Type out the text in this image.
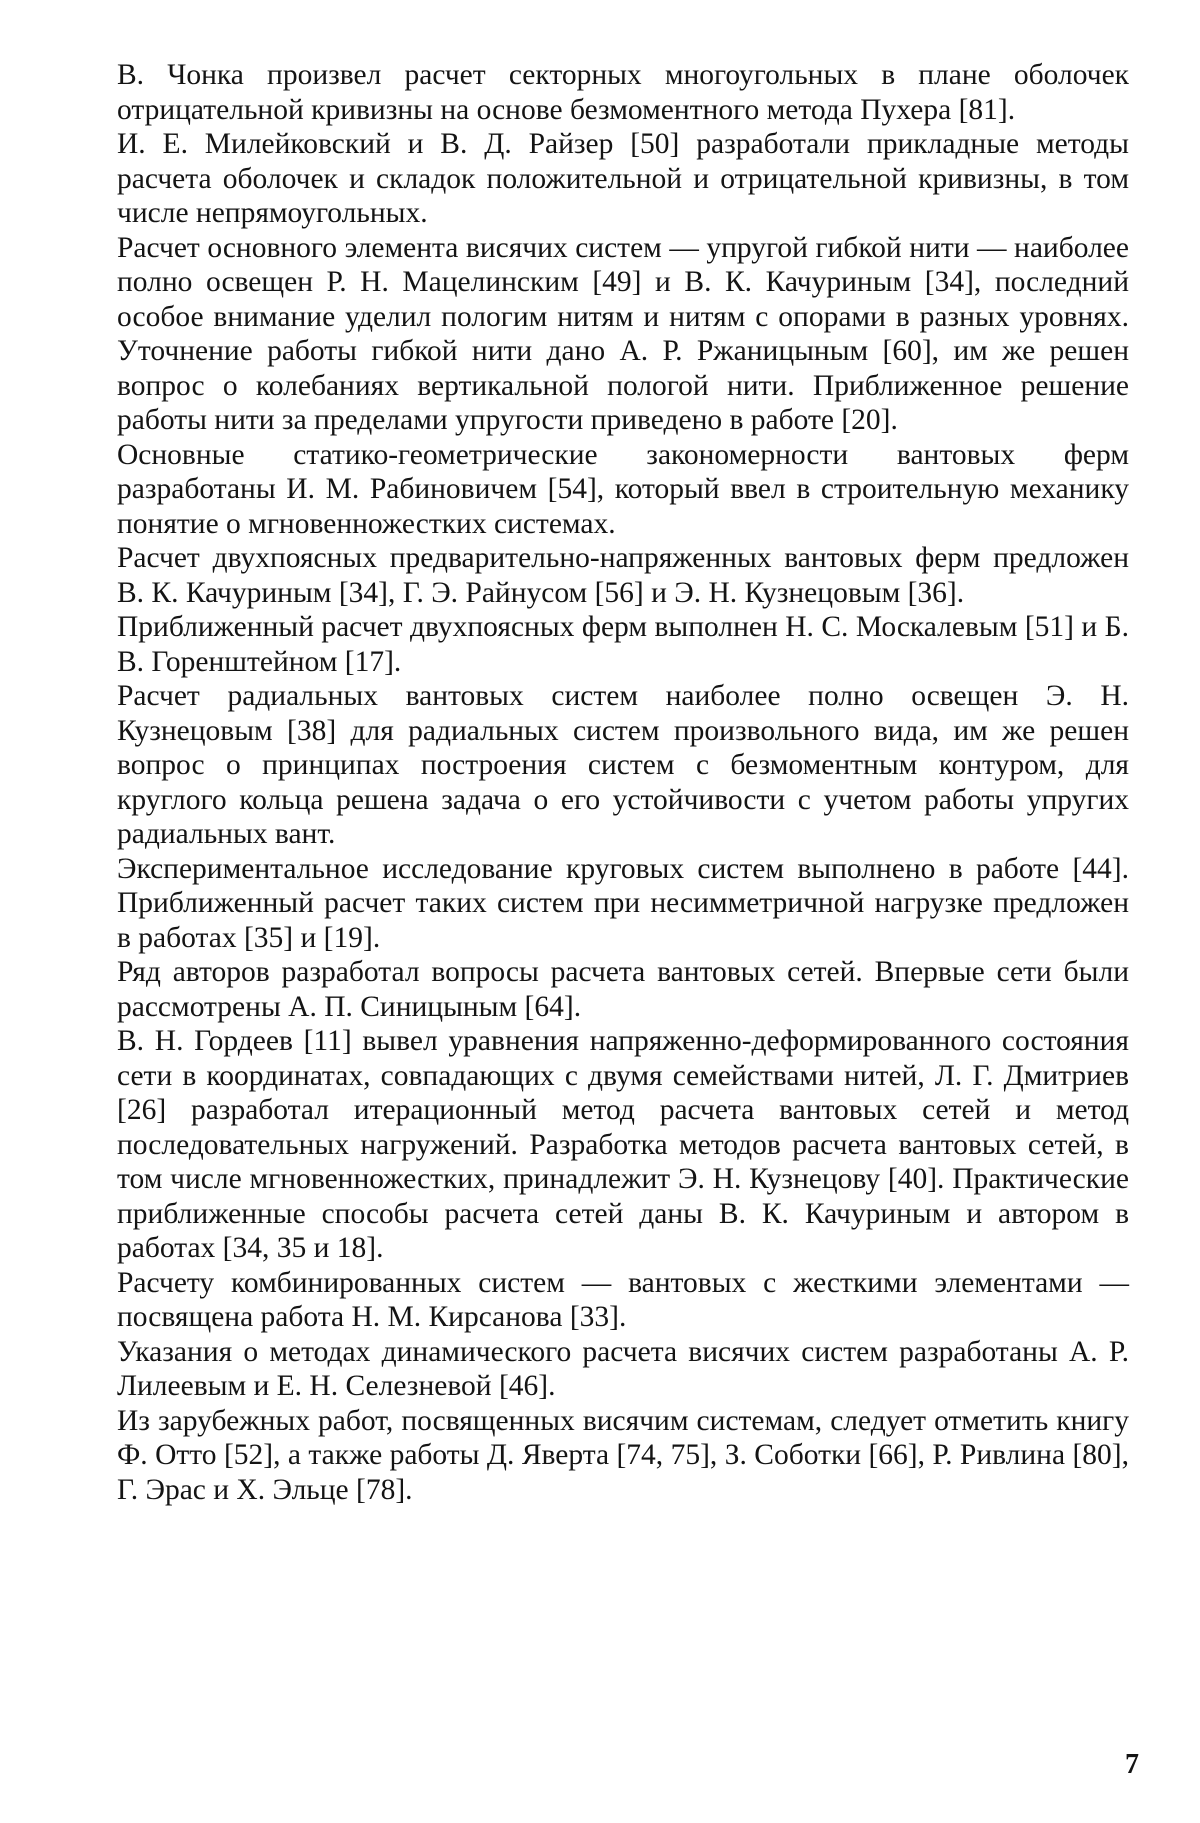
В. Чонка произвел расчет секторных многоугольных в плане оболочек отрицательной кривизны на основе безмоментного метода Пухера [81].

И. Е. Милейковский и В. Д. Райзер [50] разработали прикладные методы расчета оболочек и складок положительной и отрицательной кривизны, в том числе непрямоугольных.

Расчет основного элемента висячих систем — упругой гибкой нити — наиболее полно освещен Р. Н. Мацелинским [49] и В. К. Качуриным [34], последний особое внимание уделил пологим нитям и нитям с опорами в разных уровнях. Уточнение работы гибкой нити дано А. Р. Ржаницыным [60], им же решен вопрос о колебаниях вертикальной пологой нити. Приближенное решение работы нити за пределами упругости приведено в работе [20].

Основные статико-геометрические закономерности вантовых ферм разработаны И. М. Рабиновичем [54], который ввел в строительную механику понятие о мгновенножестких системах.

Расчет двухпоясных предварительно-напряженных вантовых ферм предложен В. К. Качуриным [34], Г. Э. Райнусом [56] и Э. Н. Кузнецовым [36].

Приближенный расчет двухпоясных ферм выполнен Н. С. Москалевым [51] и Б. В. Горенштейном [17].

Расчет радиальных вантовых систем наиболее полно освещен Э. Н. Кузнецовым [38] для радиальных систем произвольного вида, им же решен вопрос о принципах построения систем с безмоментным контуром, для круглого кольца решена задача о его устойчивости с учетом работы упругих радиальных вант.

Экспериментальное исследование круговых систем выполнено в работе [44]. Приближенный расчет таких систем при несимметричной нагрузке предложен в работах [35] и [19].

Ряд авторов разработал вопросы расчета вантовых сетей. Впервые сети были рассмотрены А. П. Синицыным [64].

В. Н. Гордеев [11] вывел уравнения напряженно-деформированного состояния сети в координатах, совпадающих с двумя семействами нитей, Л. Г. Дмитриев [26] разработал итерационный метод расчета вантовых сетей и метод последовательных нагружений. Разработка методов расчета вантовых сетей, в том числе мгновенножестких, принадлежит Э. Н. Кузнецову [40]. Практические приближенные способы расчета сетей даны В. К. Качуриным и автором в работах [34, 35 и 18].

Расчету комбинированных систем — вантовых с жесткими элементами — посвящена работа Н. М. Кирсанова [33].

Указания о методах динамического расчета висячих систем разработаны А. Р. Лилеевым и Е. Н. Селезневой [46].

Из зарубежных работ, посвященных висячим системам, следует отметить книгу Ф. Отто [52], а также работы Д. Яверта [74, 75], З. Соботки [66], Р. Ривлина [80], Г. Эрас и Х. Эльце [78].

7
